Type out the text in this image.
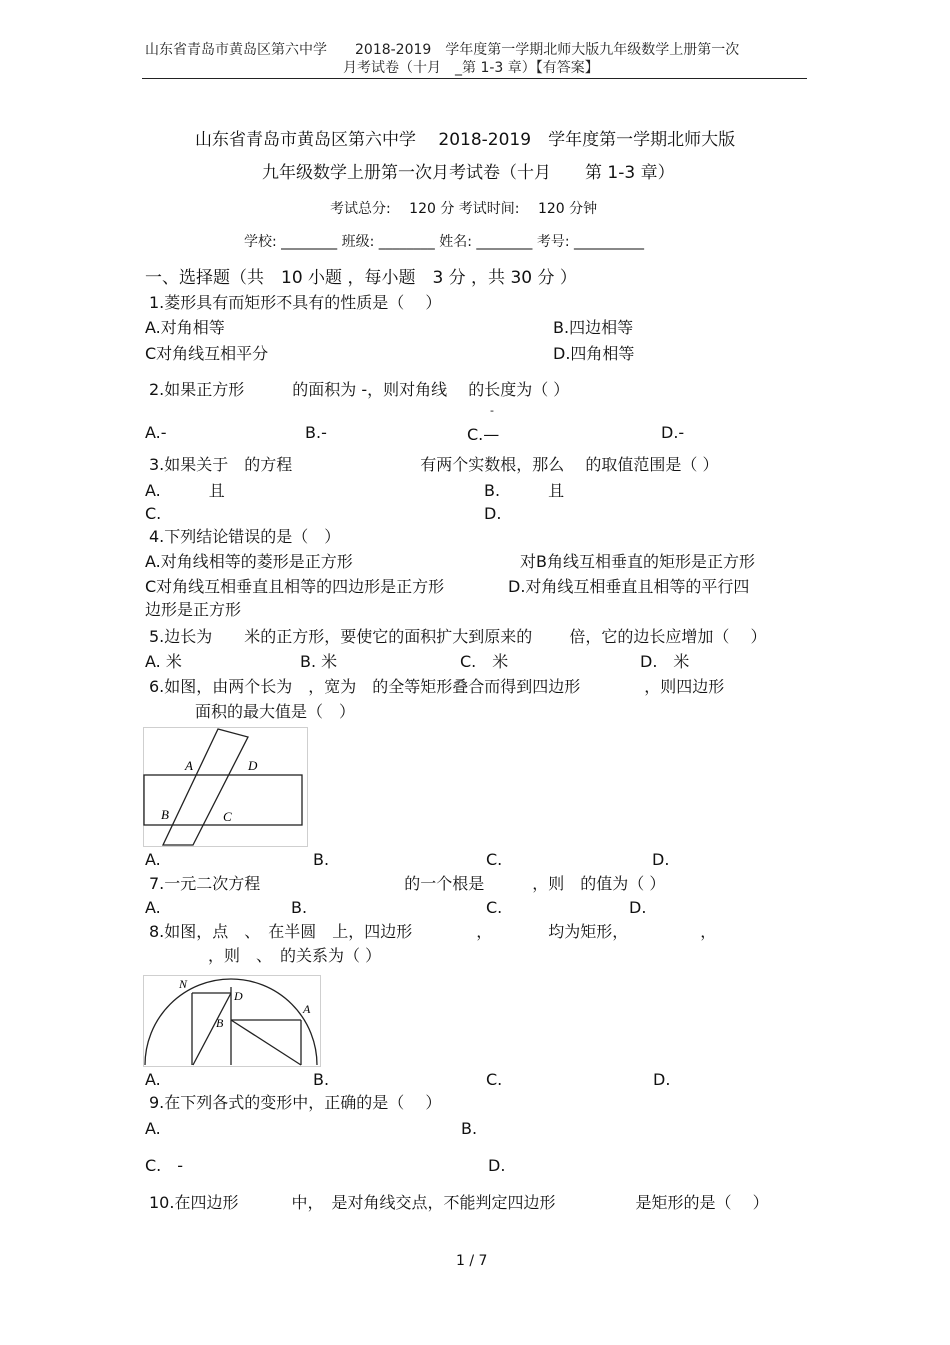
山东省青岛市黄岛区第六中学　　2018-2019　学年度第一学期北师大版九年级数学上册第一次
月考试卷（十月　_第 1-3 章）【有答案】
山东省青岛市黄岛区第六中学　 2018-2019　学年度第一学期北师大版
九年级数学上册第一次月考试卷（十月　　第 1-3 章）
考试总分:　 120 分 考试时间:　 120 分钟
学校: ________ 班级: ________ 姓名: ________ 考号: __________
一、选择题（共　10 小题 ，每小题　3 分 ，共 30 分 ）
1.菱形具有而矩形不具有的性质是（　 ）
A.对角相等	B.四边相等
C对角线互相平分	D.四角相等
2.如果正方形　　　的面积为 -，则对角线　 的长度为（ ）
-
A.-	B.-	C.—	D.-
3.如果关于　的方程　　　　　　　　有两个实数根，那么　 的取值范围是（ ）
A.　　　且	B.　　　且
C.	D.
4.下列结论错误的是（　）
A.对角线相等的菱形是正方形	对B角线互相垂直的矩形是正方形
C对角线互相垂直且相等的四边形是正方形	D.对角线互相垂直且相等的平行四
边形是正方形
5.边长为　　米的正方形，要使它的面积扩大到原来的　　 倍，它的边长应增加（　 ）
A. 米	B. 米	C.　米	D.　米
6.如图，由两个长为　，宽为　的全等矩形叠合而得到四边形　　　　，则四边形
面积的最大值是（　）
A	D
B	C
A.	B.	C.	D.
7.一元二次方程　　　　　　　　　的一个根是　　　，则　的值为（ ）
A.	B.	C.	D.
8.如图，点　、　在半圆　上，四边形　　　　，　　　　均为矩形，　　　　　，
，则　、　的关系为（ ）
N
D
A
B
A.	B.	C.	D.
9.在下列各式的变形中，正确的是（　 ）
A.	B.
C.　-	D.
10.在四边形　　　 中，　是对角线交点，不能判定四边形　　　　　是矩形的是（　 ）
1 / 7
